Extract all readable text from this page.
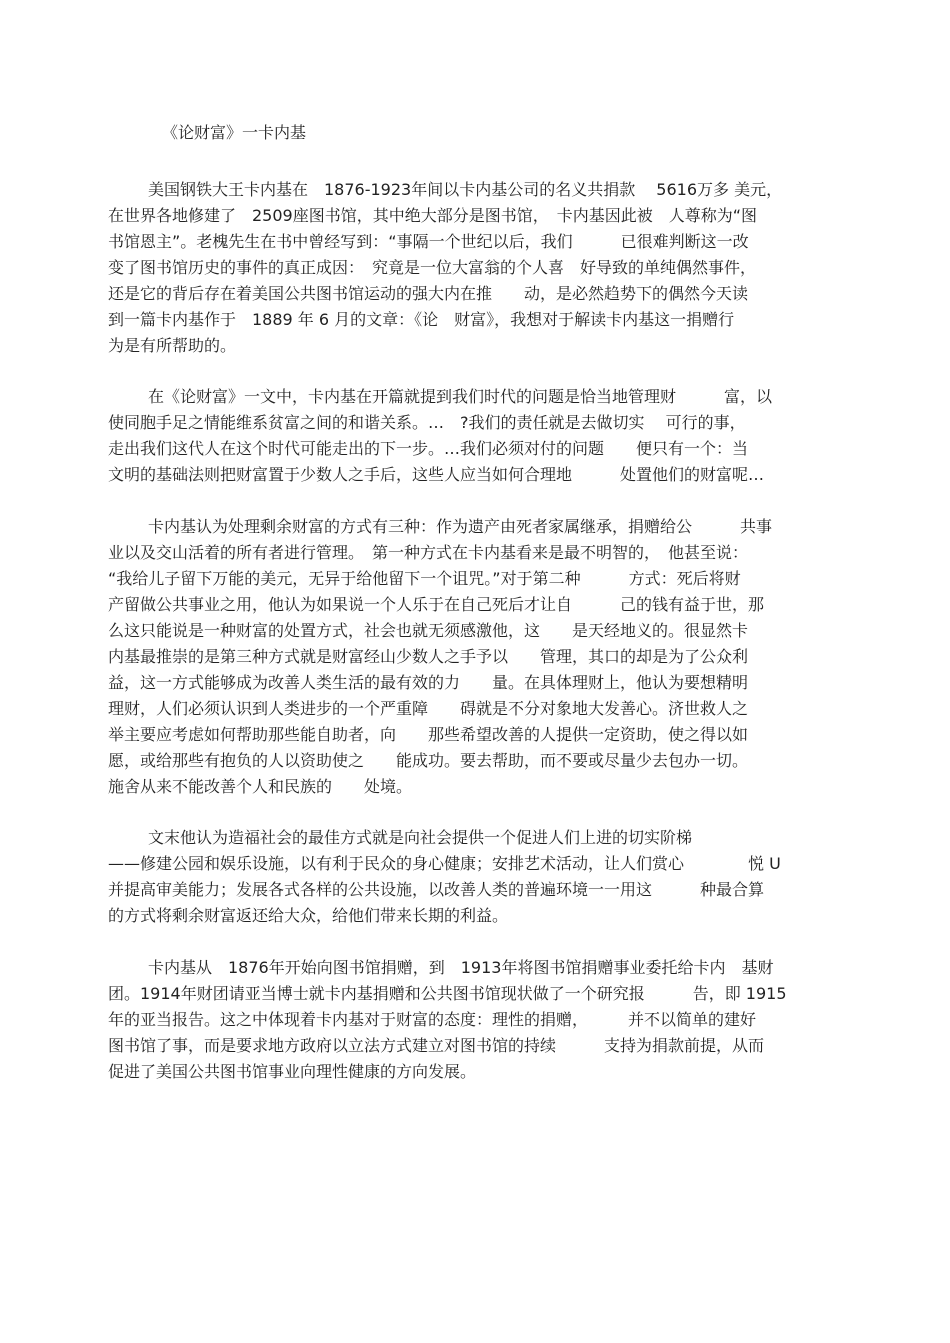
《论财富》一卡内基
美国钢铁大王卡内基在　1876-1923年间以卡内基公司的名义共捐款　 5616万多 美元，
在世界各地修建了　2509座图书馆，其中绝大部分是图书馆，　卡内基因此被　人尊称为“图
书馆恩主”。老槐先生在书中曾经写到：“事隔一个世纪以后，我们　　　已很难判断这一改
变了图书馆历史的事件的真正成因：　究竟是一位大富翁的个人喜　好导致的单纯偶然事件，
还是它的背后存在着美国公共图书馆运动的强大内在推　　动，是必然趋势下的偶然今天读
到一篇卡内基作于　1889 年 6 月的文章：《论　财富》，我想对于解读卡内基这一捐赠行
为是有所帮助的。
在《论财富》一文中，卡内基在开篇就提到我们时代的问题是恰当地管理财　　　富，以
使同胞手足之情能维系贫富之间的和谐关系。…　?我们的责任就是去做切实　 可行的事，
走出我们这代人在这个时代可能走出的下一步。…我们必须对付的问题　　便只有一个：当
文明的基础法则把财富置于少数人之手后，这些人应当如何合理地　　　处置他们的财富呢…
卡内基认为处理剩余财富的方式有三种：作为遗产由死者家属继承，捐赠给公　　　共事
业以及交山活着的所有者进行管理。　第一种方式在卡内基看来是最不明智的，　他甚至说：
“我给儿子留下万能的美元，无异于给他留下一个诅咒。”对于第二种　　　方式：死后将财
产留做公共事业之用，他认为如果说一个人乐于在自己死后才让自　　　己的钱有益于世，那
么这只能说是一种财富的处置方式，社会也就无须感激他，这　　是天经地义的。很显然卡
内基最推崇的是第三种方式就是财富经山少数人之手予以　　管理，其口的却是为了公众利
益，这一方式能够成为改善人类生活的最有效的力　　量。在具体理财上，他认为要想精明
理财，人们必须认识到人类进步的一个严重障　　碍就是不分对象地大发善心。济世救人之
举主要应考虑如何帮助那些能自助者，向　　那些希望改善的人提供一定资助，使之得以如
愿，或给那些有抱负的人以资助使之　　能成功。要去帮助，而不要或尽量少去包办一切。
施舍从来不能改善个人和民族的　　处境。
文末他认为造福社会的最佳方式就是向社会提供一个促进人们上进的切实阶梯
——修建公园和娱乐设施，以有利于民众的身心健康；安排艺术活动，让人们赏心　　　　悦 U
并提高审美能力；发展各式各样的公共设施，以改善人类的普遍环境一一用这　　　种最合算
的方式将剩余财富返还给大众，给他们带来长期的利益。
卡内基从　1876年开始向图书馆捐赠，到　1913年将图书馆捐赠事业委托给卡内　基财
团。1914年财团请亚当博士就卡内基捐赠和公共图书馆现状做了一个研究报　　　告，即 1915
年的亚当报告。这之中体现着卡内基对于财富的态度：理性的捐赠，　　　并不以简单的建好
图书馆了事，而是要求地方政府以立法方式建立对图书馆的持续　　　支持为捐款前提，从而
促进了美国公共图书馆事业向理性健康的方向发展。
